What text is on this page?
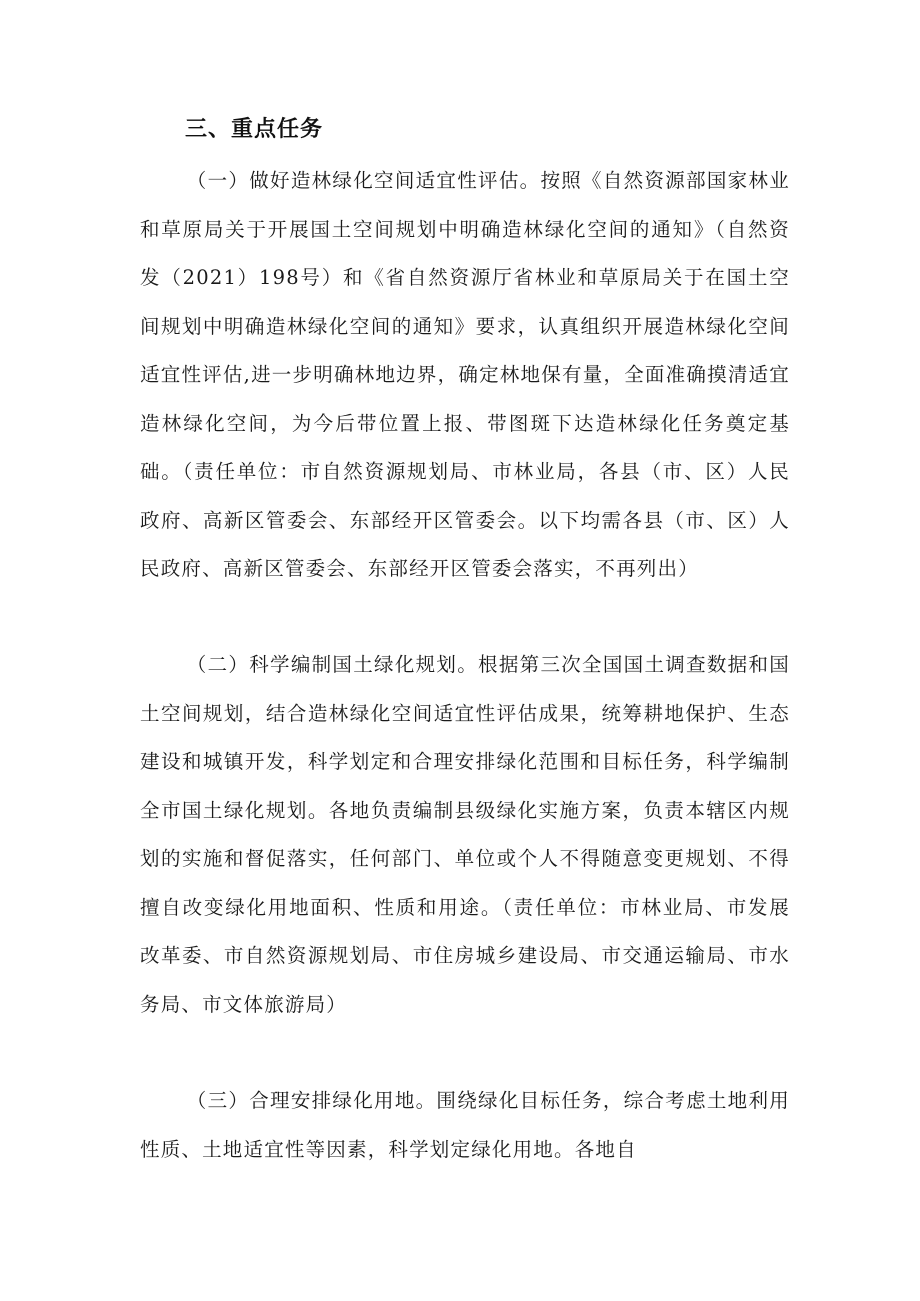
三、重点任务

（一）做好造林绿化空间适宜性评估。按照《自然资源部国家林业和草原局关于开展国土空间规划中明确造林绿化空间的通知》（自然资发（2021）198号）和《省自然资源厅省林业和草原局关于在国土空间规划中明确造林绿化空间的通知》要求，认真组织开展造林绿化空间适宜性评估,进一步明确林地边界，确定林地保有量，全面准确摸清适宜造林绿化空间，为今后带位置上报、带图斑下达造林绿化任务奠定基础。（责任单位：市自然资源规划局、市林业局，各县（市、区）人民政府、高新区管委会、东部经开区管委会。以下均需各县（市、区）人民政府、高新区管委会、东部经开区管委会落实，不再列出）

（二）科学编制国土绿化规划。根据第三次全国国土调查数据和国土空间规划，结合造林绿化空间适宜性评估成果，统筹耕地保护、生态建设和城镇开发，科学划定和合理安排绿化范围和目标任务，科学编制全市国土绿化规划。各地负责编制县级绿化实施方案，负责本辖区内规划的实施和督促落实，任何部门、单位或个人不得随意变更规划、不得擅自改变绿化用地面积、性质和用途。（责任单位：市林业局、市发展改革委、市自然资源规划局、市住房城乡建设局、市交通运输局、市水务局、市文体旅游局）

（三）合理安排绿化用地。围绕绿化目标任务，综合考虑土地利用性质、土地适宜性等因素，科学划定绿化用地。各地自
